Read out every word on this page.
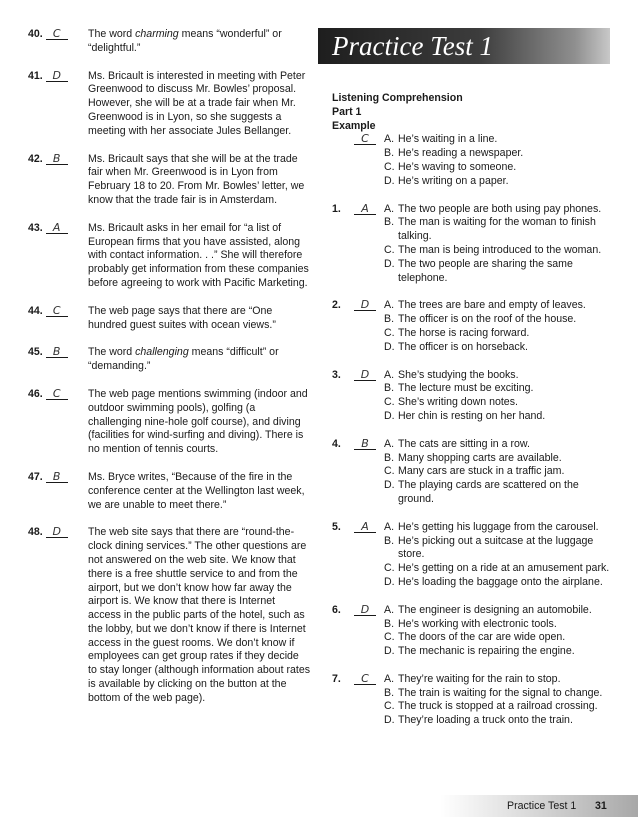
40. C	The word charming means “wonderful” or “delightful.”
41. D	Ms. Bricault is interested in meeting with Peter Greenwood to discuss Mr. Bowles’ proposal. However, she will be at a trade fair when Mr. Greenwood is in Lyon, so she suggests a meeting with her associate Jules Bellanger.
42. B	Ms. Bricault says that she will be at the trade fair when Mr. Greenwood is in Lyon from February 18 to 20. From Mr. Bowles’ letter, we know that the trade fair is in Amsterdam.
43. A	Ms. Bricault asks in her email for “a list of European firms that you have assisted, along with contact information. . .” She will therefore probably get information from these companies before agreeing to work with Pacific Marketing.
44. C	The web page says that there are “One hundred guest suites with ocean views.”
45. B	The word challenging means “difficult” or “demanding.”
46. C	The web page mentions swimming (indoor and outdoor swimming pools), golfing (a challenging nine-hole golf course), and diving (facilities for wind-surfing and diving). There is no mention of tennis courts.
47. B	Ms. Bryce writes, “Because of the fire in the conference center at the Wellington last week, we are unable to meet there.”
48. D	The web site says that there are “round-the-clock dining services.” The other questions are not answered on the web site. We know that there is a free shuttle service to and from the airport, but we don’t know how far away the airport is. We know that there is Internet access in the public parts of the hotel, such as the lobby, but we don’t know if there is Internet access in the guest rooms. We don’t know if employees can get group rates if they decide to stay longer (although information about rates is available by clicking on the button at the bottom of the web page).
Practice Test 1
Listening Comprehension
Part 1
Example
C	A. He’s waiting in a line.
B. He’s reading a newspaper.
C. He’s waving to someone.
D. He’s writing on a paper.
1.	A	A. The two people are both using pay phones.
B. The man is waiting for the woman to finish talking.
C. The man is being introduced to the woman.
D. The two people are sharing the same telephone.
2.	D	A. The trees are bare and empty of leaves.
B. The officer is on the roof of the house.
C. The horse is racing forward.
D. The officer is on horseback.
3.	D	A. She’s studying the books.
B. The lecture must be exciting.
C. She’s writing down notes.
D. Her chin is resting on her hand.
4.	B	A. The cats are sitting in a row.
B. Many shopping carts are available.
C. Many cars are stuck in a traffic jam.
D. The playing cards are scattered on the ground.
5.	A	A. He’s getting his luggage from the carousel.
B. He’s picking out a suitcase at the luggage store.
C. He’s getting on a ride at an amusement park.
D. He’s loading the baggage onto the airplane.
6.	D	A. The engineer is designing an automobile.
B. He’s working with electronic tools.
C. The doors of the car are wide open.
D. The mechanic is repairing the engine.
7.	C	A. They’re waiting for the rain to stop.
B. The train is waiting for the signal to change.
C. The truck is stopped at a railroad crossing.
D. They’re loading a truck onto the train.
Practice Test 1 31
